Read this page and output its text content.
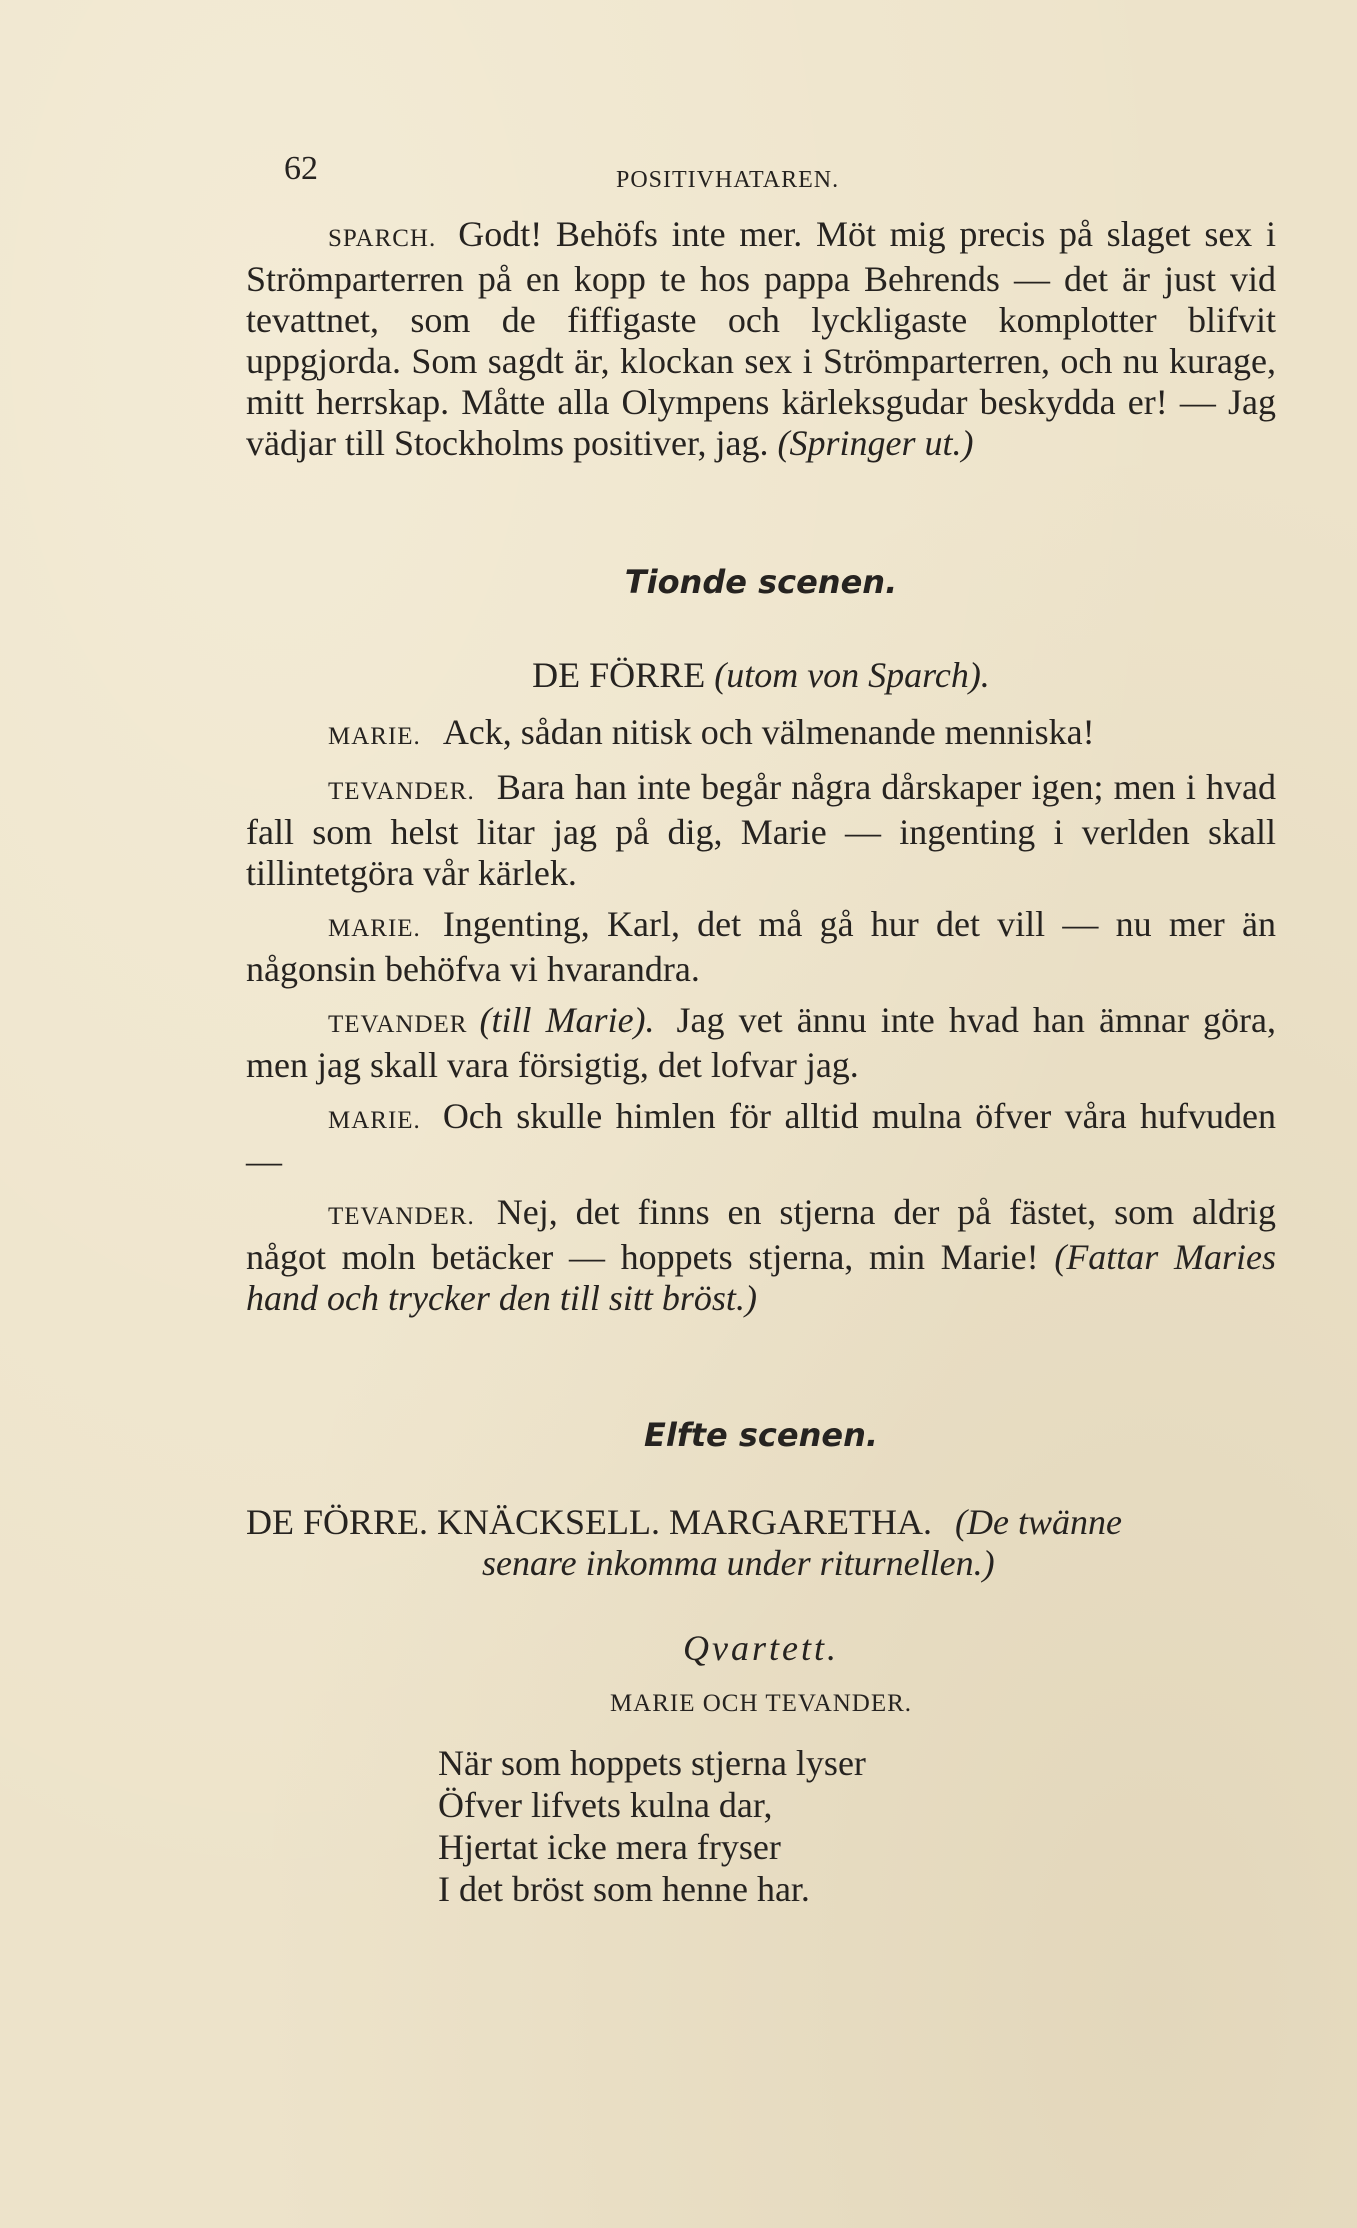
62	POSITIVHATAREN.

SPARCH. Godt! Behöfs inte mer. Möt mig precis på slaget sex i Strömparterren på en kopp te hos pappa Behrends — det är just vid tevattnet, som de fiffigaste och lyckligaste komplotter blifvit uppgjorda. Som sagdt är, klockan sex i Strömparterren, och nu kurage, mitt herrskap. Måtte alla Olympens kärleksgudar beskydda er! — Jag vädjar till Stockholms positiver, jag. (Springer ut.)

Tionde scenen.
DE FÖRRE (utom von Sparch).

MARIE. Ack, sådan nitisk och välmenande menniska!

TEVANDER. Bara han inte begår några dårskaper igen; men i hvad fall som helst litar jag på dig, Marie — ingenting i verlden skall tillintetgöra vår kärlek.

MARIE. Ingenting, Karl, det må gå hur det vill — nu mer än någonsin behöfva vi hvarandra.

TEVANDER (till Marie). Jag vet ännu inte hvad han ämnar göra, men jag skall vara försigtig, det lofvar jag.

MARIE. Och skulle himlen för alltid mulna öfver våra hufvuden —

TEVANDER. Nej, det finns en stjerna der på fästet, som aldrig något moln betäcker — hoppets stjerna, min Marie! (Fattar Maries hand och trycker den till sitt bröst.)

Elfte scenen.
DE FÖRRE. KNÄCKSELL. MARGARETHA. (De twänne
senare inkomma under riturnellen.)
Qvartett.
MARIE OCH TEVANDER.
När som hoppets stjerna lyser
Öfver lifvets kulna dar,
Hjertat icke mera fryser
I det bröst som henne har.
